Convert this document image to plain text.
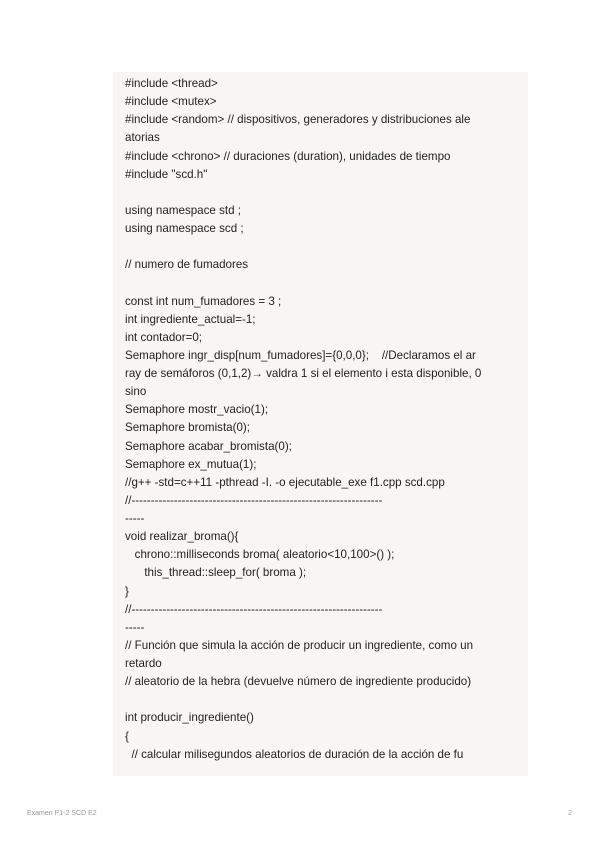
#include <thread>
#include <mutex>
#include <random> // dispositivos, generadores y distribuciones ale
atorias
#include <chrono> // duraciones (duration), unidades de tiempo
#include "scd.h"
using namespace std ;
using namespace scd ;
// numero de fumadores
const int num_fumadores = 3 ;
int ingrediente_actual=-1;
int contador=0;
Semaphore ingr_disp[num_fumadores]={0,0,0};    //Declaramos el ar
ray de semáforos (0,1,2)→ valdra 1 si el elemento i esta disponible, 0
sino
Semaphore mostr_vacio(1);
Semaphore bromista(0);
Semaphore acabar_bromista(0);
Semaphore ex_mutua(1);
//g++ -std=c++11 -pthread -I. -o ejecutable_exe f1.cpp scd.cpp
//-----------------------------------------------------------------
-----
void realizar_broma(){
chrono::milliseconds broma( aleatorio<10,100>() );
this_thread::sleep_for( broma );
}
//-----------------------------------------------------------------
-----
// Función que simula la acción de producir un ingrediente, como un
retardo
// aleatorio de la hebra (devuelve número de ingrediente producido)
int producir_ingrediente()
{
// calcular milisegundos aleatorios de duración de la acción de fu
Examen P1-2 SCD E2	2
